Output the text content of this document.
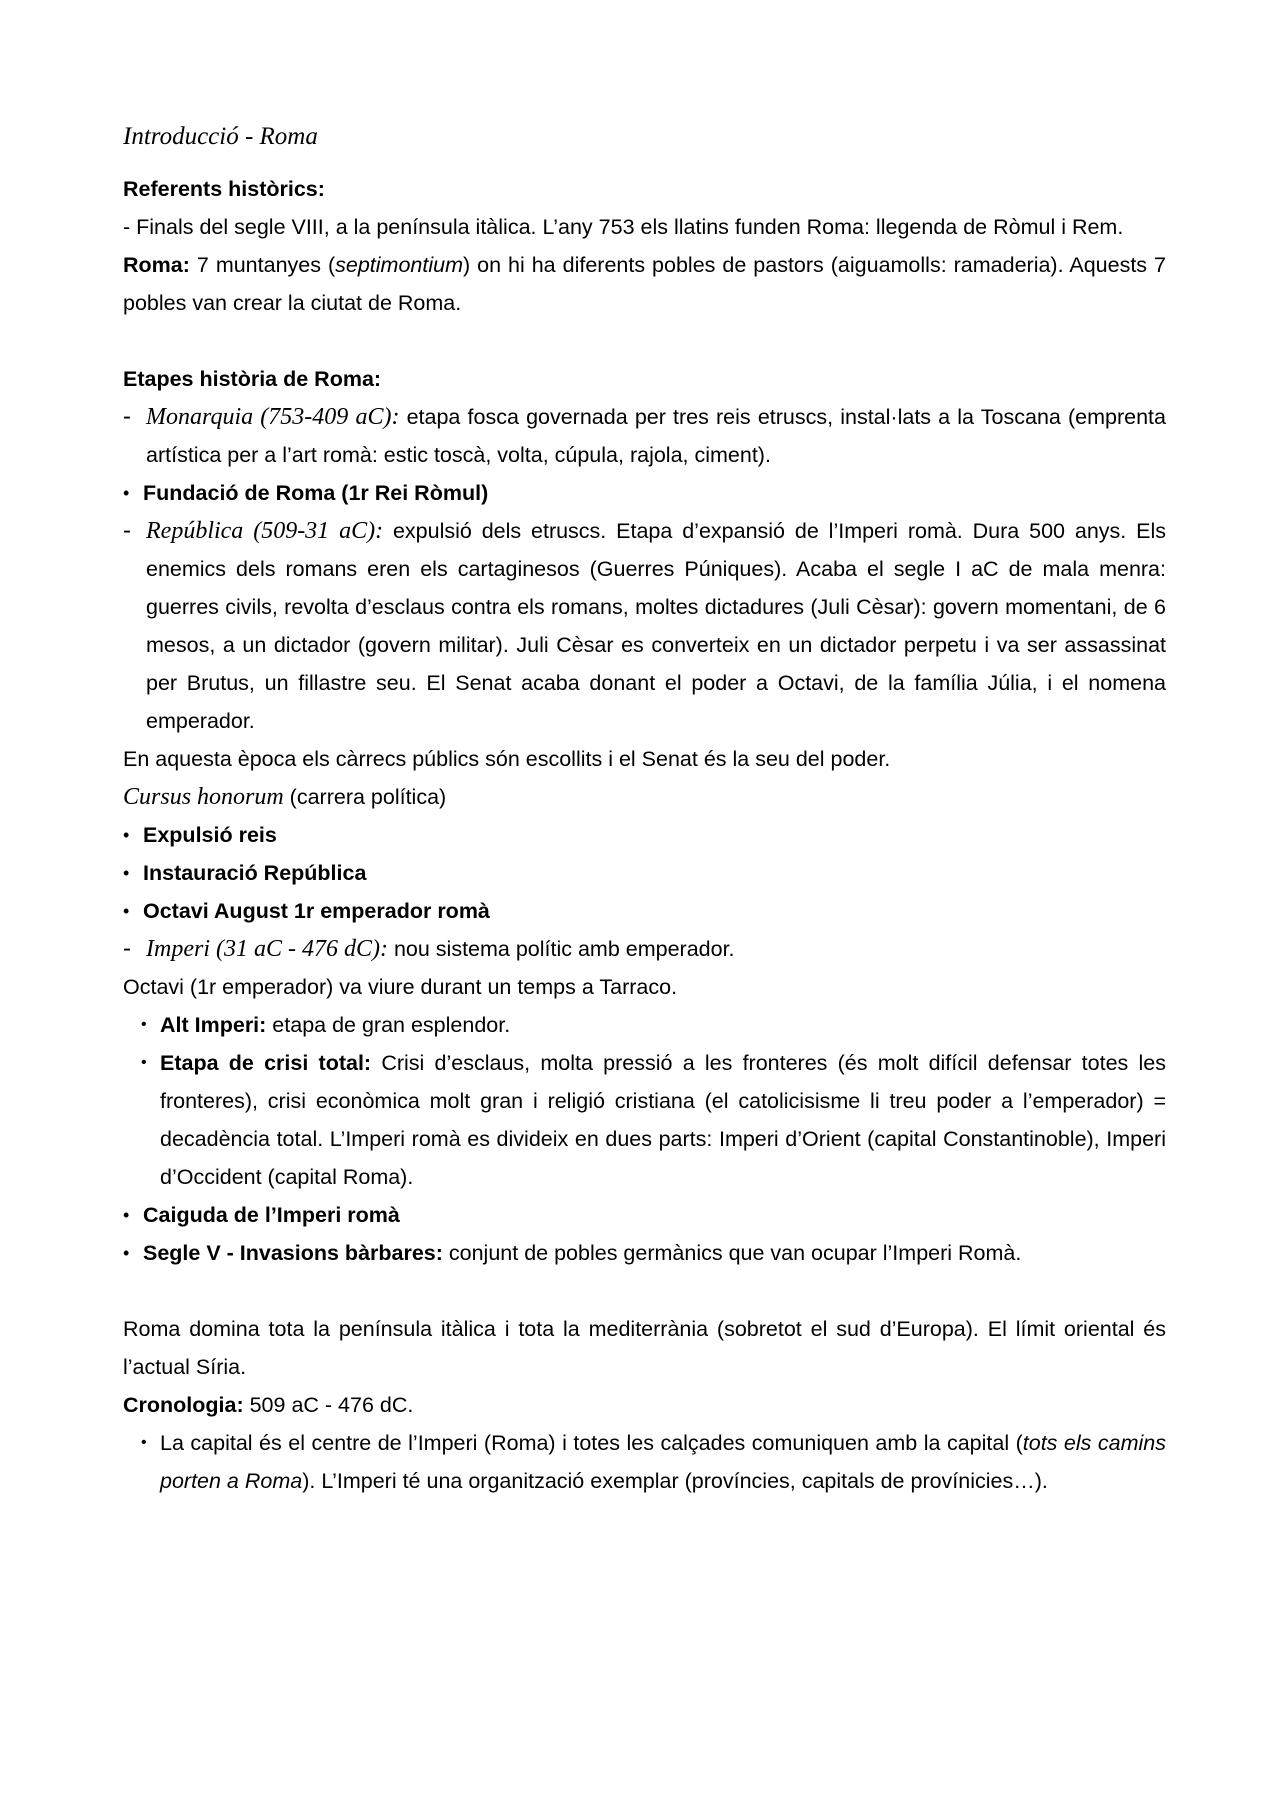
Introducció - Roma

Referents històrics:

- Finals del segle VIII, a la península itàlica. L’any 753 els llatins funden Roma: llegenda de Ròmul i Rem.

Roma: 7 muntanyes (septimontium) on hi ha diferents pobles de pastors (aiguamolls: ramaderia). Aquests 7 pobles van crear la ciutat de Roma.

Etapes història de Roma:

- Monarquia (753-409 aC): etapa fosca governada per tres reis etruscs, instal·lats a la Toscana (emprenta artística per a l’art romà: estic toscà, volta, cúpula, rajola, ciment).
• Fundació de Roma (1r Rei Ròmul)
- República (509-31 aC): expulsió dels etruscs. Etapa d’expansió de l’Imperi romà. Dura 500 anys. Els enemics dels romans eren els cartaginesos (Guerres Púniques). Acaba el segle I aC de mala menra: guerres civils, revolta d’esclaus contra els romans, moltes dictadures (Juli Cèsar): govern momentani, de 6 mesos, a un dictador (govern militar). Juli Cèsar es converteix en un dictador perpetu i va ser assassinat per Brutus, un fillastre seu. El Senat acaba donant el poder a Octavi, de la família Júlia, i el nomena emperador.

En aquesta època els càrrecs públics són escollits i el Senat és la seu del poder.

Cursus honorum (carrera política)

• Expulsió reis
• Instauració República
• Octavi August 1r emperador romà
- Imperi (31 aC - 476 dC): nou sistema polític amb emperador.

Octavi (1r emperador) va viure durant un temps a Tarraco.

• Alt Imperi: etapa de gran esplendor.
• Etapa de crisi total: Crisi d’esclaus, molta pressió a les fronteres (és molt difícil defensar totes les fronteres), crisi econòmica molt gran i religió cristiana (el catolicisisme li treu poder a l’emperador) = decadència total. L’Imperi romà es divideix en dues parts: Imperi d’Orient (capital Constantinoble), Imperi d’Occident (capital Roma).
• Caiguda de l’Imperi romà
• Segle V - Invasions bàrbares: conjunt de pobles germànics que van ocupar l’Imperi Romà.

Roma domina tota la península itàlica i tota la mediterrània (sobretot el sud d’Europa). El límit oriental és l’actual Síria.

Cronologia: 509 aC - 476 dC.

• La capital és el centre de l’Imperi (Roma) i totes les calçades comuniquen amb la capital (tots els camins porten a Roma). L’Imperi té una organització exemplar (províncies, capitals de provínicies…).
